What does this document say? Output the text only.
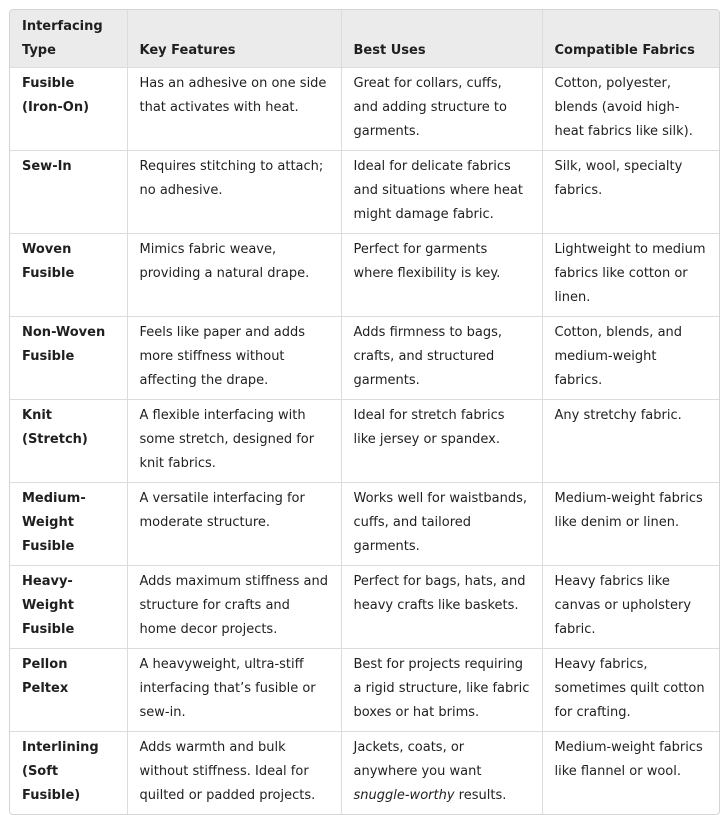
Interfacing Type	Key Features	Best Uses	Compatible Fabrics
Fusible (Iron-On)	Has an adhesive on one side that activates with heat.	Great for collars, cuffs, and adding structure to garments.	Cotton, polyester, blends (avoid high-heat fabrics like silk).
Sew-In	Requires stitching to attach; no adhesive.	Ideal for delicate fabrics and situations where heat might damage fabric.	Silk, wool, specialty fabrics.
Woven Fusible	Mimics fabric weave, providing a natural drape.	Perfect for garments where flexibility is key.	Lightweight to medium fabrics like cotton or linen.
Non-Woven Fusible	Feels like paper and adds more stiffness without affecting the drape.	Adds firmness to bags, crafts, and structured garments.	Cotton, blends, and medium-weight fabrics.
Knit (Stretch)	A flexible interfacing with some stretch, designed for knit fabrics.	Ideal for stretch fabrics like jersey or spandex.	Any stretchy fabric.
Medium-Weight Fusible	A versatile interfacing for moderate structure.	Works well for waistbands, cuffs, and tailored garments.	Medium-weight fabrics like denim or linen.
Heavy-Weight Fusible	Adds maximum stiffness and structure for crafts and home decor projects.	Perfect for bags, hats, and heavy crafts like baskets.	Heavy fabrics like canvas or upholstery fabric.
Pellon Peltex	A heavyweight, ultra-stiff interfacing that’s fusible or sew-in.	Best for projects requiring a rigid structure, like fabric boxes or hat brims.	Heavy fabrics, sometimes quilt cotton for crafting.
Interlining (Soft Fusible)	Adds warmth and bulk without stiffness. Ideal for quilted or padded projects.	Jackets, coats, or anywhere you want snuggle-worthy results.	Medium-weight fabrics like flannel or wool.
